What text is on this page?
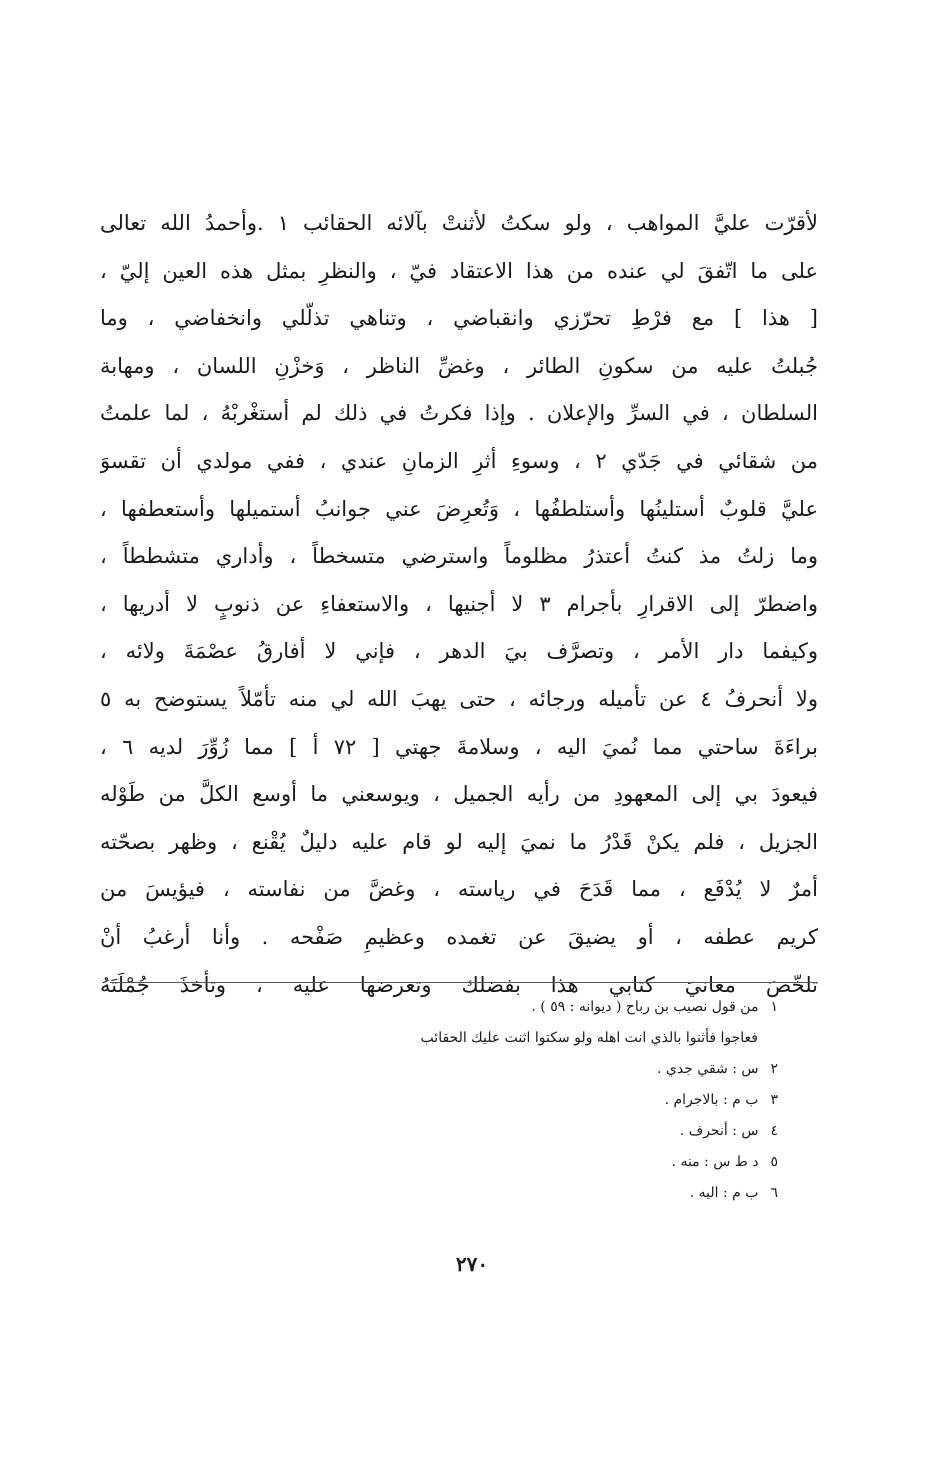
لأقرّت عليَّ المواهب ، ولو سكتُ لأثنتْ بآلائه الحقائب ١ .وأحمدُ الله تعالى
على ما اتّفقَ لي عنده من هذا الاعتقاد فيّ ، والنظرِ بمثل هذه العين إليّ ،
[ هذا ] مع فرْطِ تحرّزي وانقباضي ، وتناهي تذلّلي وانخفاضي ، وما
جُبلتُ عليه من سكونِ الطائر ، وغضِّ الناظر ، وَخزْنِ اللسان ، ومهابة
السلطان ، في السرِّ والإعلان . وإذا فكرتُ في ذلك لم أستغْربْهُ ، لما علمتُ
من شقائي في جَدّي ٢ ، وسوءِ أثرِ الزمانِ عندي ، ففي مولدي أن تقسوَ
عليَّ قلوبٌ أستلينُها وأستلطفُها ، وَتُعرِضَ عني جوانبُ أستميلها وأستعطفها ،
وما زلتُ مذ كنتُ أعتذرُ مظلوماً واسترضي متسخطاً ، وأداري متشططاً ،
واضطرّ إلى الاقرارِ بأجرام ٣ لا أجنيها ، والاستعفاءِ عن ذنوبٍ لا أدريها ،
وكيفما دار الأمر ، وتصرَّف بيَ الدهر ، فإني لا أفارقُ عصْمَةَ ولائه ،
ولا أنحرفُ ٤ عن تأميله ورجائه ، حتى يهبَ الله لي منه تأمّلاً يستوضح به ٥
براءَةَ ساحتي مما نُميَ اليه ، وسلامةَ جهتي [ ٧٢ أ ] مما زُوِّرَ لديه ٦ ،
فيعودَ بي إلى المعهودِ من رأيه الجميل ، ويوسعني ما أوسع الكلَّ من طَوْله
الجزيل ، فلم يكنْ قَدْرُ ما نميَ إليه لو قام عليه دليلٌ يُقْنع ، وظهر بصحّته
أمرٌ لا يُدْفَع ، مما قَدَحَ في رياسته ، وغضَّ من نفاسته ، فيؤيسَ من
كريم عطفه ، أو يضيقَ عن تغمده وعظيمِ صَفْحه . وأنا أرغبُ أنْ
تلخّصَ معانيَ كتابي هذا بفضلك وتعرضها عليه ، وتأخذَ جُمْلَتَهُ
١من قول نصيب بن رباح ( ديوانه : ٥٩ ) .
فعاجوا فأثنوا بالذي انت اهله ولو سكتوا اثنت عليك الحقائب
٢س : شقي جدي .
٣ب م : بالاجرام .
٤س : أنحرف .
٥د ط س : منه .
٦ب م : اليه .
٢٧٠
